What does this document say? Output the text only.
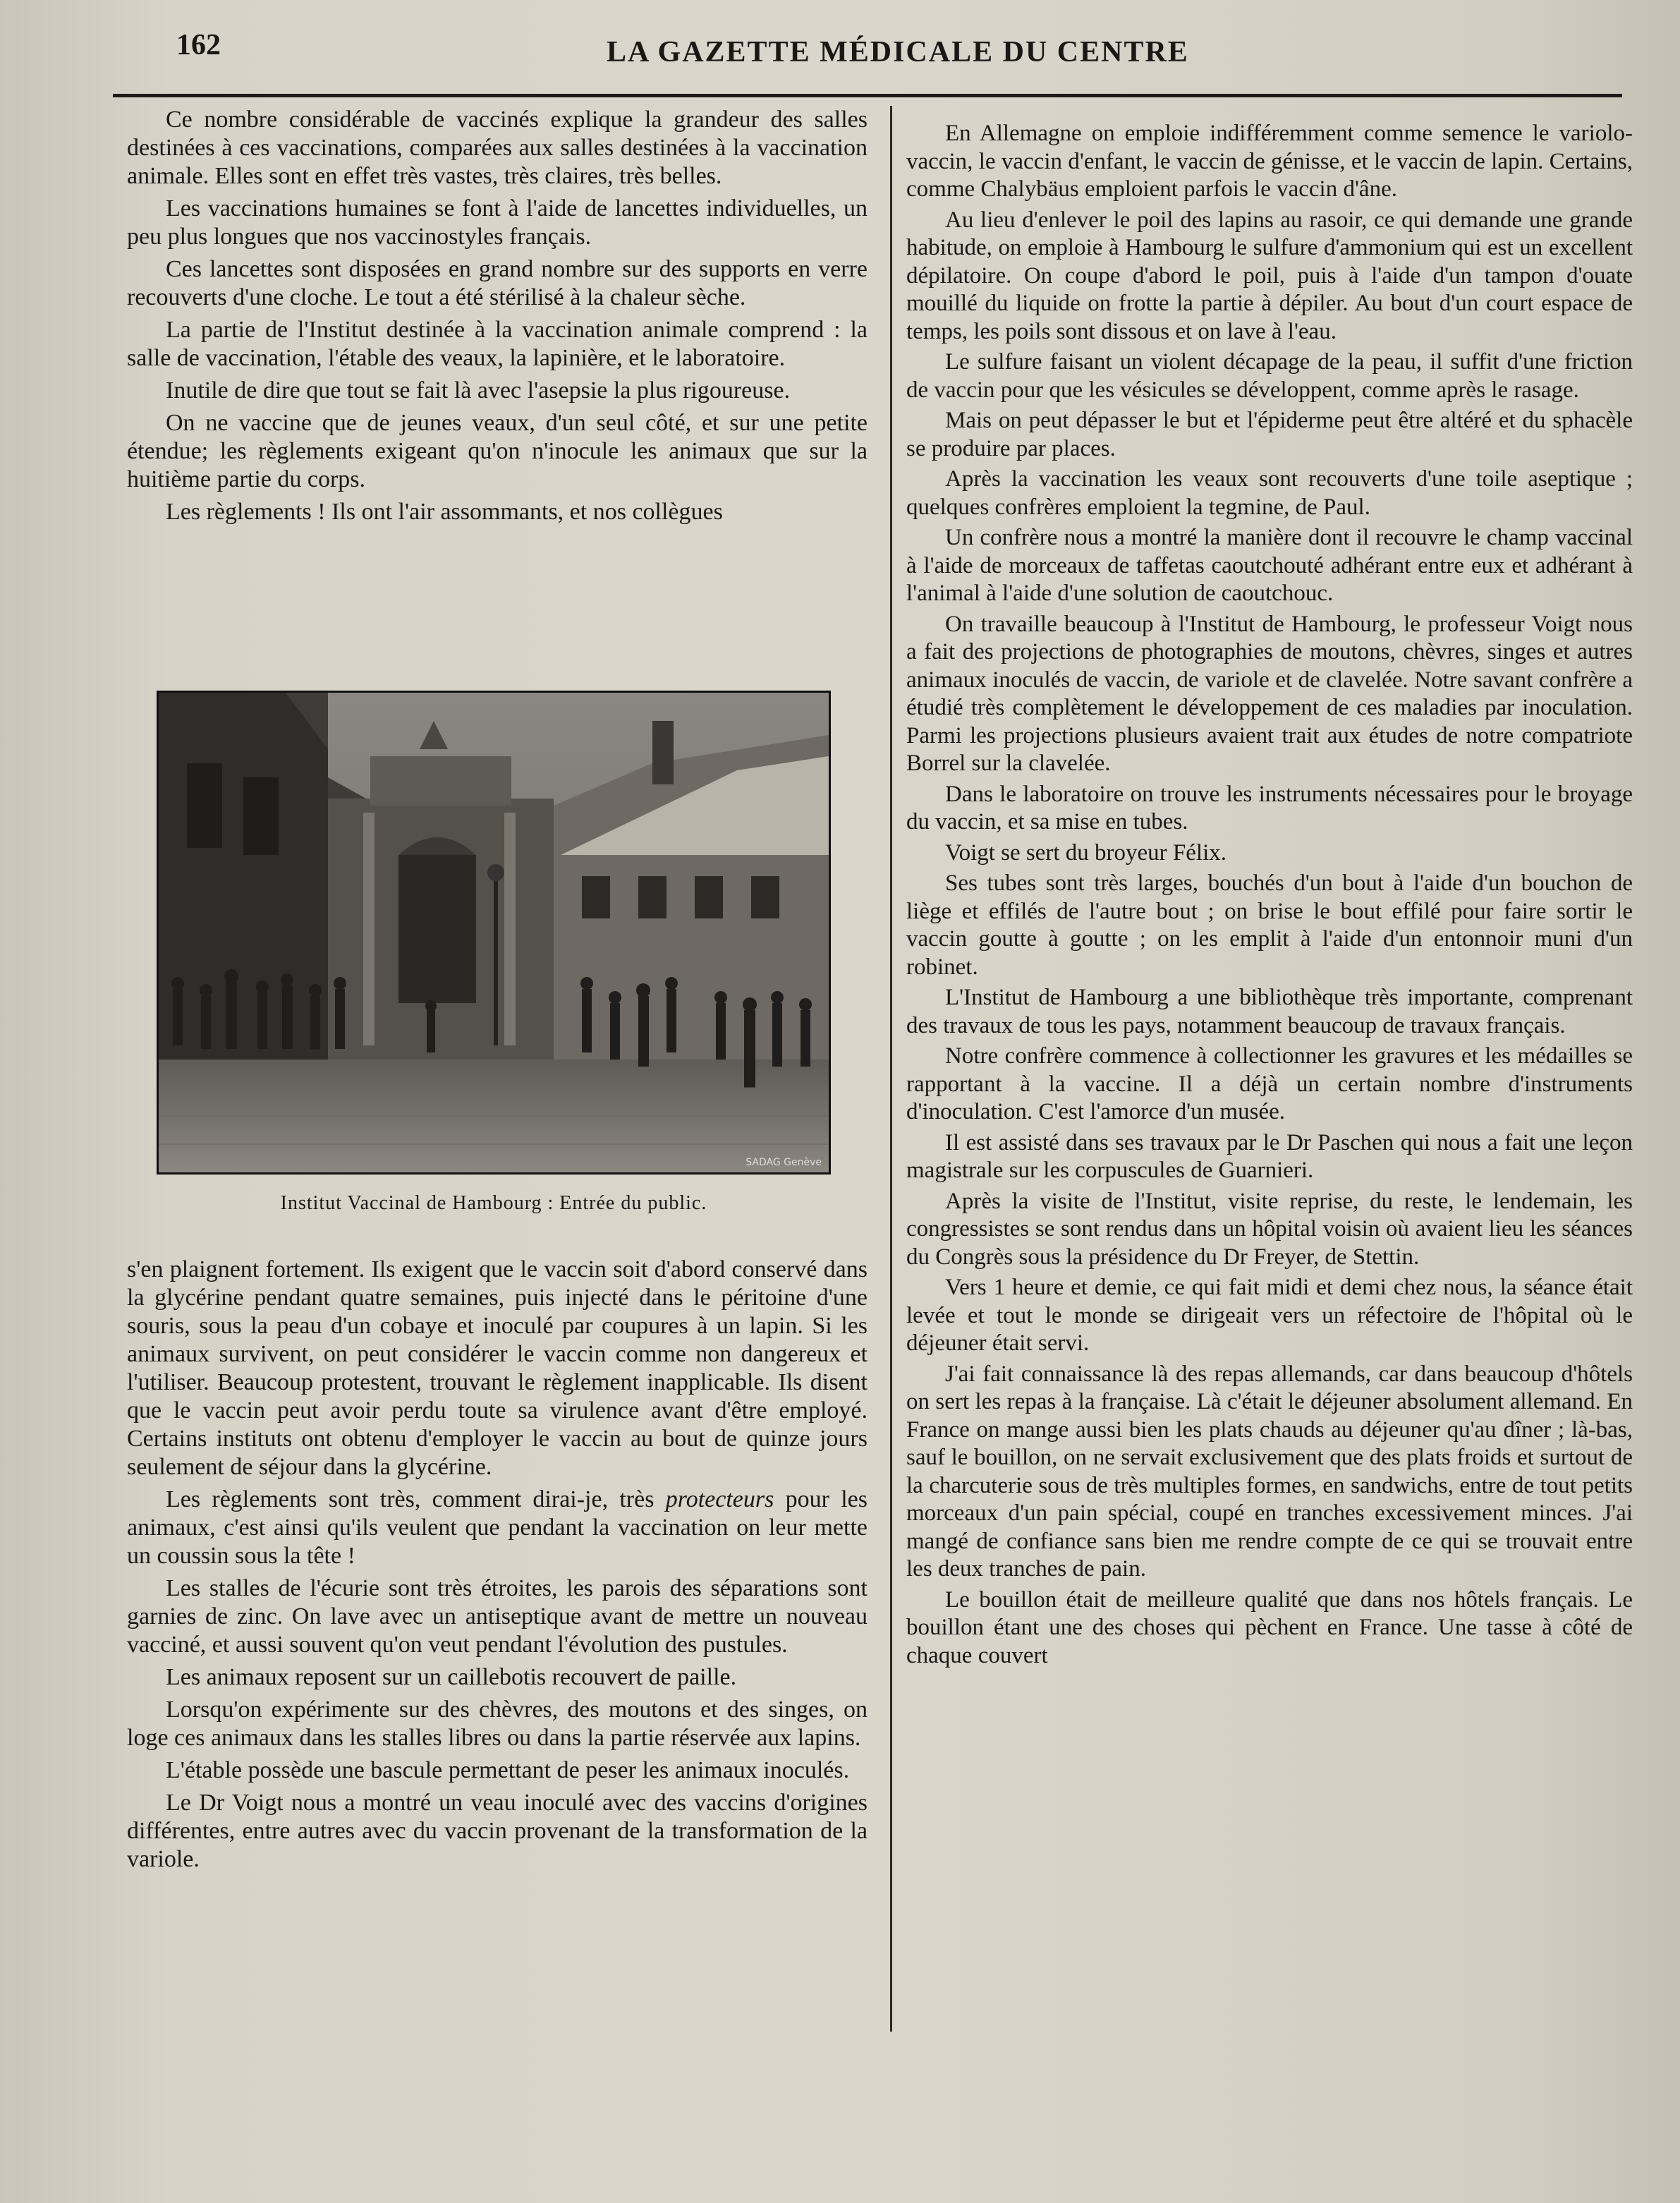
162	LA GAZETTE MÉDICALE DU CENTRE

Ce nombre considérable de vaccinés explique la grandeur des salles destinées à ces vaccinations, comparées aux salles destinées à la vaccination animale. Elles sont en effet très vastes, très claires, très belles.

Les vaccinations humaines se font à l'aide de lancettes individuelles, un peu plus longues que nos vaccinostyles français.

Ces lancettes sont disposées en grand nombre sur des supports en verre recouverts d'une cloche. Le tout a été stérilisé à la chaleur sèche.

La partie de l'Institut destinée à la vaccination animale comprend : la salle de vaccination, l'étable des veaux, la lapinière, et le laboratoire.

Inutile de dire que tout se fait là avec l'asepsie la plus rigoureuse.

On ne vaccine que de jeunes veaux, d'un seul côté, et sur une petite étendue; les règlements exigeant qu'on n'inocule les animaux que sur la huitième partie du corps.

Les règlements ! Ils ont l'air assommants, et nos collègues

SADAG Genève
Institut Vaccinal de Hambourg : Entrée du public.

s'en plaignent fortement. Ils exigent que le vaccin soit d'abord conservé dans la glycérine pendant quatre semaines, puis injecté dans le péritoine d'une souris, sous la peau d'un cobaye et inoculé par coupures à un lapin. Si les animaux survivent, on peut considérer le vaccin comme non dangereux et l'utiliser. Beaucoup protestent, trouvant le règlement inapplicable. Ils disent que le vaccin peut avoir perdu toute sa virulence avant d'être employé. Certains instituts ont obtenu d'employer le vaccin au bout de quinze jours seulement de séjour dans la glycérine.

Les règlements sont très, comment dirai-je, très protecteurs pour les animaux, c'est ainsi qu'ils veulent que pendant la vaccination on leur mette un coussin sous la tête !

Les stalles de l'écurie sont très étroites, les parois des séparations sont garnies de zinc. On lave avec un antiseptique avant de mettre un nouveau vacciné, et aussi souvent qu'on veut pendant l'évolution des pustules.

Les animaux reposent sur un caillebotis recouvert de paille.

Lorsqu'on expérimente sur des chèvres, des moutons et des singes, on loge ces animaux dans les stalles libres ou dans la partie réservée aux lapins.

L'étable possède une bascule permettant de peser les animaux inoculés.

Le Dr Voigt nous a montré un veau inoculé avec des vaccins d'origines différentes, entre autres avec du vaccin provenant de la transformation de la variole.

En Allemagne on emploie indifféremment comme semence le variolo-vaccin, le vaccin d'enfant, le vaccin de génisse, et le vaccin de lapin. Certains, comme Chalybäus emploient parfois le vaccin d'âne.

Au lieu d'enlever le poil des lapins au rasoir, ce qui demande une grande habitude, on emploie à Hambourg le sulfure d'ammonium qui est un excellent dépilatoire. On coupe d'abord le poil, puis à l'aide d'un tampon d'ouate mouillé du liquide on frotte la partie à dépiler. Au bout d'un court espace de temps, les poils sont dissous et on lave à l'eau.

Le sulfure faisant un violent décapage de la peau, il suffit d'une friction de vaccin pour que les vésicules se développent, comme après le rasage.

Mais on peut dépasser le but et l'épiderme peut être altéré et du sphacèle se produire par places.

Après la vaccination les veaux sont recouverts d'une toile aseptique ; quelques confrères emploient la tegmine, de Paul.

Un confrère nous a montré la manière dont il recouvre le champ vaccinal à l'aide de morceaux de taffetas caoutchouté adhérant entre eux et adhérant à l'animal à l'aide d'une solution de caoutchouc.

On travaille beaucoup à l'Institut de Hambourg, le professeur Voigt nous a fait des projections de photographies de moutons, chèvres, singes et autres animaux inoculés de vaccin, de variole et de clavelée. Notre savant confrère a étudié très complètement le développement de ces maladies par inoculation. Parmi les projections plusieurs avaient trait aux études de notre compatriote Borrel sur la clavelée.

Dans le laboratoire on trouve les instruments nécessaires pour le broyage du vaccin, et sa mise en tubes.

Voigt se sert du broyeur Félix.

Ses tubes sont très larges, bouchés d'un bout à l'aide d'un bouchon de liège et effilés de l'autre bout ; on brise le bout effilé pour faire sortir le vaccin goutte à goutte ; on les emplit à l'aide d'un entonnoir muni d'un robinet.

L'Institut de Hambourg a une bibliothèque très importante, comprenant des travaux de tous les pays, notamment beaucoup de travaux français.

Notre confrère commence à collectionner les gravures et les médailles se rapportant à la vaccine. Il a déjà un certain nombre d'instruments d'inoculation. C'est l'amorce d'un musée.

Il est assisté dans ses travaux par le Dr Paschen qui nous a fait une leçon magistrale sur les corpuscules de Guarnieri.

Après la visite de l'Institut, visite reprise, du reste, le lendemain, les congressistes se sont rendus dans un hôpital voisin où avaient lieu les séances du Congrès sous la présidence du Dr Freyer, de Stettin.

Vers 1 heure et demie, ce qui fait midi et demi chez nous, la séance était levée et tout le monde se dirigeait vers un réfectoire de l'hôpital où le déjeuner était servi.

J'ai fait connaissance là des repas allemands, car dans beaucoup d'hôtels on sert les repas à la française. Là c'était le déjeuner absolument allemand. En France on mange aussi bien les plats chauds au déjeuner qu'au dîner ; là-bas, sauf le bouillon, on ne servait exclusivement que des plats froids et surtout de la charcuterie sous de très multiples formes, en sandwichs, entre de tout petits morceaux d'un pain spécial, coupé en tranches excessivement minces. J'ai mangé de confiance sans bien me rendre compte de ce qui se trouvait entre les deux tranches de pain.

Le bouillon était de meilleure qualité que dans nos hôtels français. Le bouillon étant une des choses qui pèchent en France. Une tasse à côté de chaque couvert
